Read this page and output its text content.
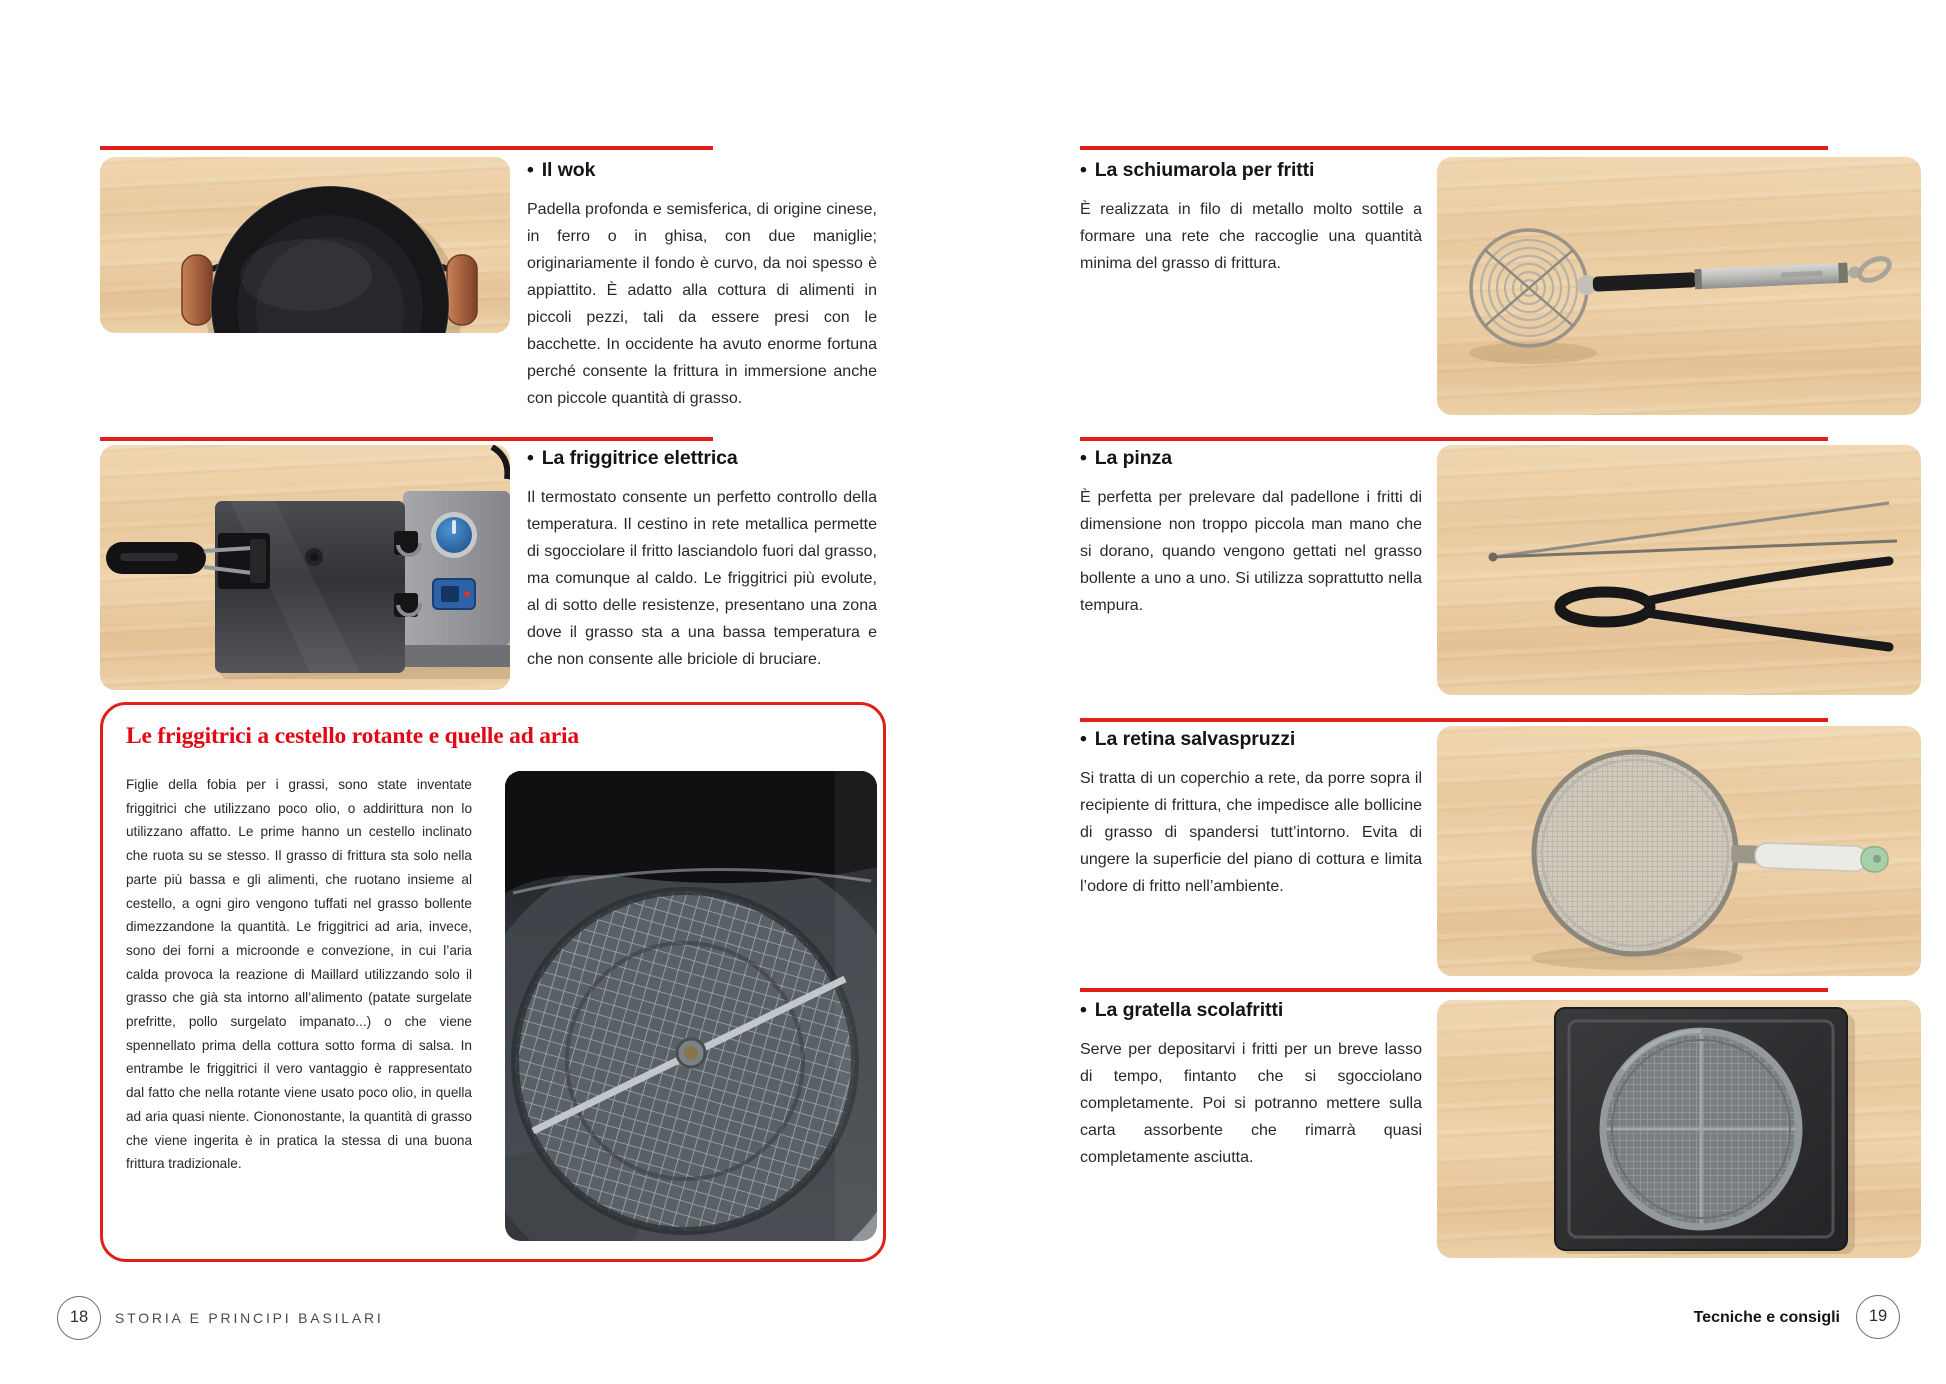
• Il wok

Padella profonda e semisferica, di origine cinese, in ferro o in ghisa, con due maniglie; originariamente il fondo è curvo, da noi spesso è appiattito. È adatto alla cottura di alimenti in piccoli pezzi, tali da essere presi con le bacchette. In occidente ha avuto enorme fortuna perché consente la frittura in immersione anche con piccole quantità di grasso.

• La friggitrice elettrica

Il termostato consente un perfetto controllo della temperatura. Il cestino in rete metallica permette di sgocciolare il fritto lasciandolo fuori dal grasso, ma comunque al caldo. Le friggitrici più evolute, al di sotto delle resistenze, presentano una zona dove il grasso sta a una bassa temperatura e che non consente alle briciole di bruciare.

Le friggitrici a cestello rotante e quelle ad aria

Figlie della fobia per i grassi, sono state inventate friggitrici che utilizzano poco olio, o addirittura non lo utilizzano affatto. Le prime hanno un cestello inclinato che ruota su se stesso. Il grasso di frittura sta solo nella parte più bassa e gli alimenti, che ruotano insieme al cestello, a ogni giro vengono tuffati nel grasso bollente dimezzandone la quantità. Le friggitrici ad aria, invece, sono dei forni a microonde e convezione, in cui l’aria calda provoca la reazione di Maillard utilizzando solo il grasso che già sta intorno all’alimento (patate surgelate prefritte, pollo surgelato impanato...) o che viene spennellato prima della cottura sotto forma di salsa. In entrambe le friggitrici il vero vantaggio è rappresentato dal fatto che nella rotante viene usato poco olio, in quella ad aria quasi niente. Ciononostante, la quantità di grasso che viene ingerita è in pratica la stessa di una buona frittura tradizionale.

• La schiumarola per fritti

È realizzata in filo di metallo molto sottile a formare una rete che raccoglie una quantità minima del grasso di frittura.

• La pinza

È perfetta per prelevare dal padellone i fritti di dimensione non troppo piccola man mano che si dorano, quando vengono gettati nel grasso bollente a uno a uno. Si utilizza soprattutto nella tempura.

• La retina salvaspruzzi

Si tratta di un coperchio a rete, da porre sopra il recipiente di frittura, che impedisce alle bollicine di grasso di spandersi tutt’intorno. Evita di ungere la superficie del piano di cottura e limita l’odore di fritto nell’ambiente.

• La gratella scolafritti

Serve per depositarvi i fritti per un breve lasso di tempo, fintanto che si sgocciolano completamente. Poi si potranno mettere sulla carta assorbente che rimarrà quasi completamente asciutta.

18	STORIA E PRINCIPI BASILARI	Tecniche e consigli	19
